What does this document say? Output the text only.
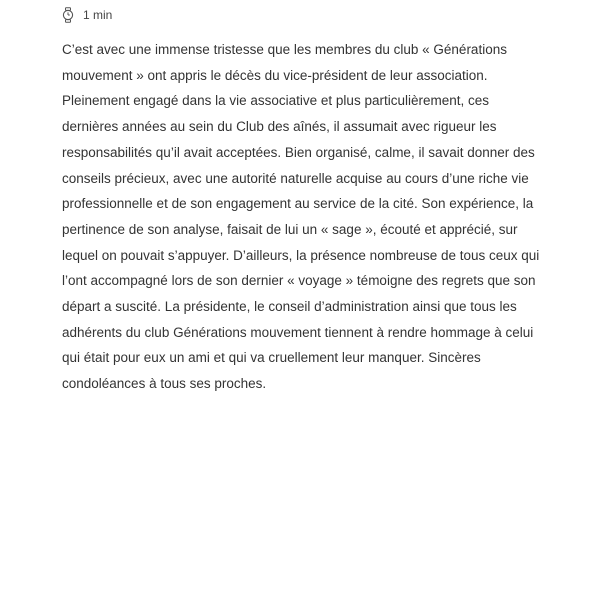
1 min

C’est avec une immense tristesse que les membres du club « Générations mouvement » ont appris le décès du vice-président de leur association. Pleinement engagé dans la vie associative et plus particulièrement, ces dernières années au sein du Club des aînés, il assumait avec rigueur les responsabilités qu’il avait acceptées. Bien organisé, calme, il savait donner des conseils précieux, avec une autorité naturelle acquise au cours d’une riche vie professionnelle et de son engagement au service de la cité. Son expérience, la pertinence de son analyse, faisait de lui un « sage », écouté et apprécié, sur lequel on pouvait s’appuyer. D’ailleurs, la présence nombreuse de tous ceux qui l’ont accompagné lors de son dernier « voyage » témoigne des regrets que son départ a suscité. La présidente, le conseil d’administration ainsi que tous les adhérents du club Générations mouvement tiennent à rendre hommage à celui qui était pour eux un ami et qui va cruellement leur manquer. Sincères condoléances à tous ses proches.
